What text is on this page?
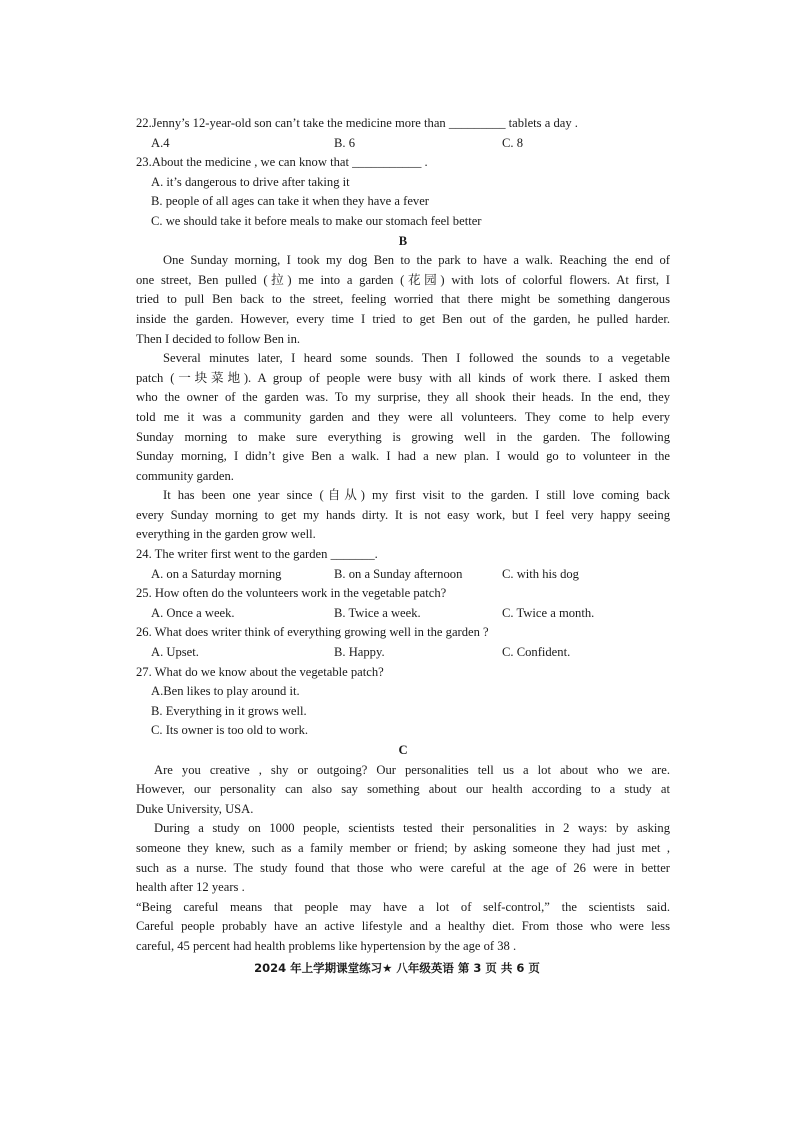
22.Jenny’s 12-year-old son can’t take the medicine more than _________ tablets a day .
A.4	B. 6	C. 8
23.About the medicine , we can know that ___________ .
A. it’s dangerous to drive after taking it
B. people of all ages can take it when they have a fever
C. we should take it before meals to make our stomach feel better
B
One Sunday morning, I took my dog Ben to the park to have a walk. Reaching the end of
one street, Ben pulled (拉) me into a garden (花园) with lots of colorful flowers. At first, I
tried to pull Ben back to the street, feeling worried that there might be something dangerous
inside the garden. However, every time I tried to get Ben out of the garden, he pulled harder.
Then I decided to follow Ben in.
Several minutes later, I heard some sounds. Then I followed the sounds to a vegetable
patch (一块菜地). A group of people were busy with all kinds of work there. I asked them
who the owner of the garden was. To my surprise, they all shook their heads. In the end, they
told me it was a community garden and they were all volunteers. They come to help every
Sunday morning to make sure everything is growing well in the garden. The following
Sunday morning, I didn’t give Ben a walk. I had a new plan. I would go to volunteer in the
community garden.
It has been one year since (自从) my first visit to the garden. I still love coming back
every Sunday morning to get my hands dirty. It is not easy work, but I feel very happy seeing
everything in the garden grow well.
24. The writer first went to the garden _______.
A. on a Saturday morning	B. on a Sunday afternoon	C. with his dog
25. How often do the volunteers work in the vegetable patch?
A. Once a week.	B. Twice a week.	C. Twice a month.
26. What does writer think of everything growing well in the garden ?
A. Upset.	B. Happy.	C. Confident.
27. What do we know about the vegetable patch?
A.Ben likes to play around it.
B. Everything in it grows well.
C. Its owner is too old to work.
C
Are you creative , shy or outgoing? Our personalities tell us a lot about who we are.
However, our personality can also say something about our health according to a study at
Duke University, USA.
During a study on 1000 people, scientists tested their personalities in 2 ways: by asking
someone they knew, such as a family member or friend; by asking someone they had just met ,
such as a nurse. The study found that those who were careful at the age of 26 were in better
health after 12 years .
“Being careful means that people may have a lot of self-control,” the scientists said.
Careful people probably have an active lifestyle and a healthy diet. From those who were less
careful, 45 percent had health problems like hypertension by the age of 38 .
2024 年上学期课堂练习★ 八年级英语 第 3 页 共 6 页
